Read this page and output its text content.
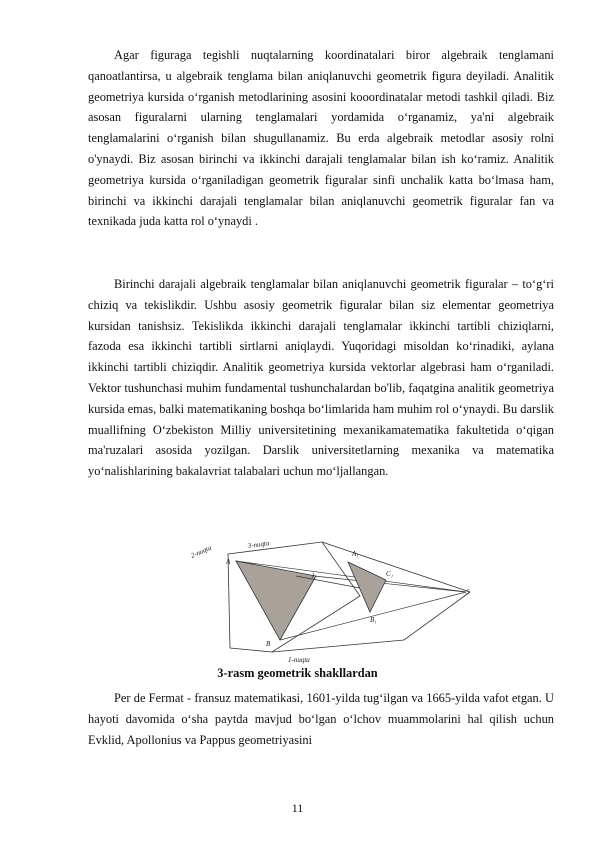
Agar figuraga tegishli nuqtalarning koordinatalari biror algebraik tenglamani qanoatlantirsa, u algebraik tenglama bilan aniqlanuvchi geometrik figura deyiladi. Analitik geometriya kursida o‘rganish metodlarining asosini kooordinatalar metodi tashkil qiladi. Biz asosan figuralarni ularning tenglamalari yordamida o‘rganamiz, ya'ni algebraik tenglamalarini o‘rganish bilan shugullanamiz. Bu erda algebraik metodlar asosiy rolni o'ynaydi. Biz asosan birinchi va ikkinchi darajali tenglamalar bilan ish ko‘ramiz. Analitik geometriya kursida o‘rganiladigan geometrik figuralar sinfi unchalik katta bo‘lmasa ham, birinchi va ikkinchi darajali tenglamalar bilan aniqlanuvchi geometrik figuralar fan va texnikada juda katta rol o‘ynaydi .

Birinchi darajali algebraik tenglamalar bilan aniqlanuvchi geometrik figuralar – to‘g‘ri chiziq va tekislikdir. Ushbu asosiy geometrik figuralar bilan siz elementar geometriya kursidan tanishsiz. Tekislikda ikkinchi darajali tenglamalar ikkinchi tartibli chiziqlarni, fazoda esa ikkinchi tartibli sirtlarni aniqlaydi. Yuqoridagi misoldan ko‘rinadiki, aylana ikkinchi tartibli chiziqdir. Analitik geometriya kursida vektorlar algebrasi ham o‘rganiladi. Vektor tushunchasi muhim fundamental tushunchalardan bo'lib, faqatgina analitik geometriya kursida emas, balki matematikaning boshqa bo‘limlarida ham muhim rol o‘ynaydi. Bu darslik muallifning O‘zbekiston Milliy universitetining mexanikamatematika fakultetida o‘qigan ma'ruzalari asosida yozilgan. Darslik universitetlarning mexanika va matematika yo‘nalishlarining bakalavriat talabalari uchun mo‘ljallangan.

2-nuqta	3-nuqta
1-nuqta
A
A₁
B
B₁
C₁
l
S
3-rasm geometrik shakllardan

Per de Fermat - fransuz matematikasi, 1601-yilda tug‘ilgan va 1665-yilda vafot etgan. U hayoti davomida o‘sha paytda mavjud bo‘lgan o‘lchov muammolarini hal qilish uchun Evklid, Apollonius va Pappus geometriyasini

11
